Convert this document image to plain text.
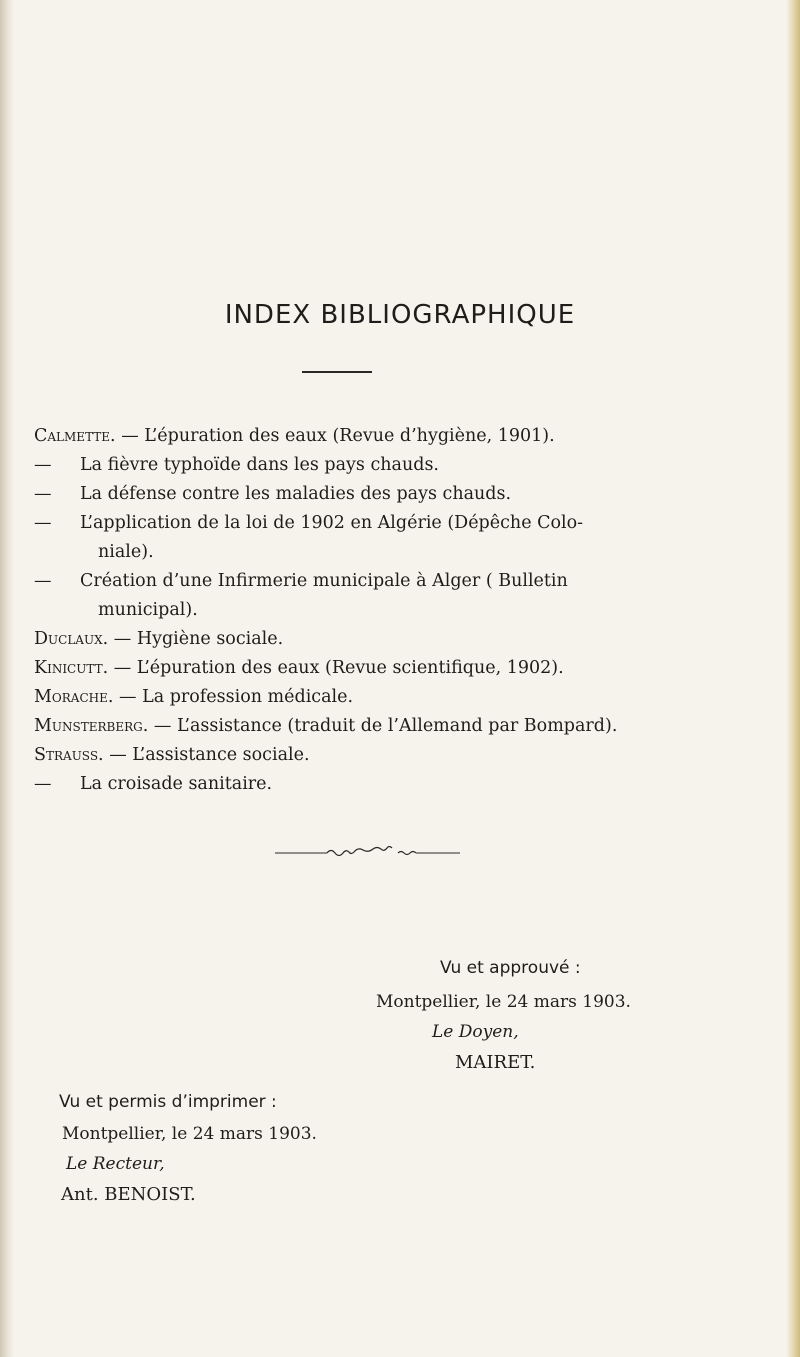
INDEX BIBLIOGRAPHIQUE
Calmette. — L’épuration des eaux (Revue d’hygiène, 1901).
— La fièvre typhoïde dans les pays chauds.
— La défense contre les maladies des pays chauds.
— L’application de la loi de 1902 en Algérie (Dépêche Colo-
niale).
— Création d’une Infirmerie municipale à Alger ( Bulletin
municipal).
Duclaux. — Hygiène sociale.
Kinicutt. — L’épuration des eaux (Revue scientifique, 1902).
Morache. — La profession médicale.
Munsterberg. — L’assistance (traduit de l’Allemand par Bompard).
Strauss. — L’assistance sociale.
— La croisade sanitaire.
Vu et approuvé :
Montpellier, le 24 mars 1903.
Le Doyen,
MAIRET.
Vu et permis d’imprimer :
Montpellier, le 24 mars 1903.
Le Recteur,
Ant. BENOIST.
